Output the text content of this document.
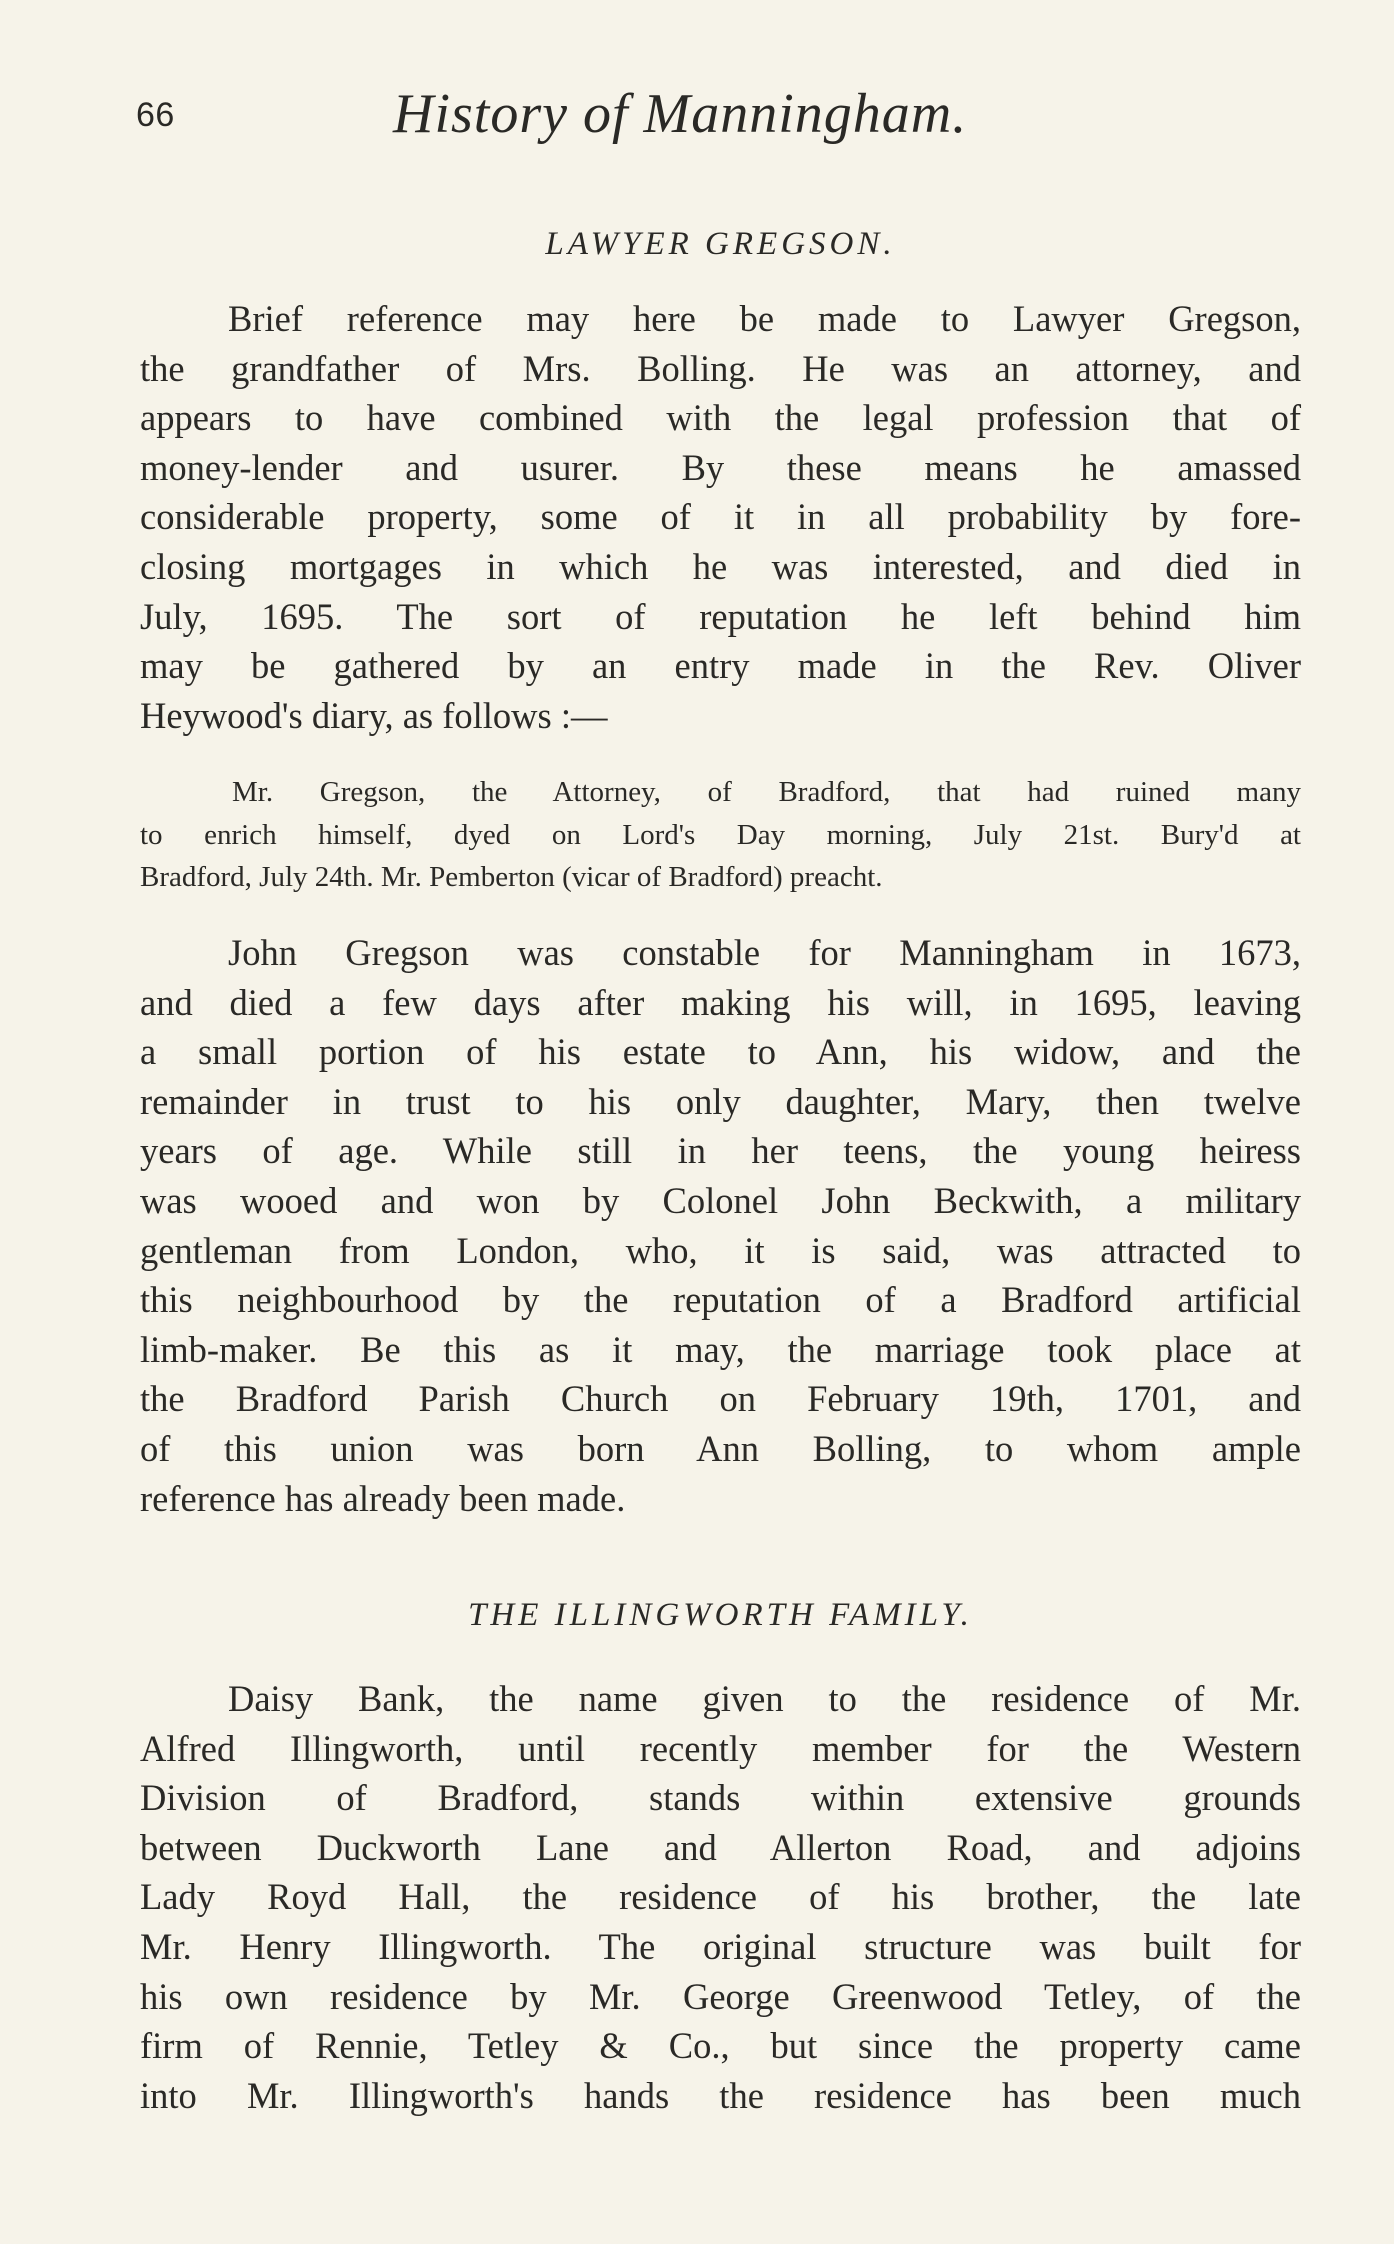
66	History of Manningham.
LAWYER GREGSON.
Brief reference may here be made to Lawyer Gregson,
the grandfather of Mrs. Bolling. He was an attorney, and
appears to have combined with the legal profession that of
money-lender and usurer. By these means he amassed
considerable property, some of it in all probability by fore-
closing mortgages in which he was interested, and died in
July, 1695. The sort of reputation he left behind him
may be gathered by an entry made in the Rev. Oliver
Heywood's diary, as follows :—
Mr. Gregson, the Attorney, of Bradford, that had ruined many
to enrich himself, dyed on Lord's Day morning, July 21st. Bury'd at
Bradford, July 24th. Mr. Pemberton (vicar of Bradford) preacht.
John Gregson was constable for Manningham in 1673,
and died a few days after making his will, in 1695, leaving
a small portion of his estate to Ann, his widow, and the
remainder in trust to his only daughter, Mary, then twelve
years of age. While still in her teens, the young heiress
was wooed and won by Colonel John Beckwith, a military
gentleman from London, who, it is said, was attracted to
this neighbourhood by the reputation of a Bradford artificial
limb-maker. Be this as it may, the marriage took place at
the Bradford Parish Church on February 19th, 1701, and
of this union was born Ann Bolling, to whom ample
reference has already been made.
THE ILLINGWORTH FAMILY.
Daisy Bank, the name given to the residence of Mr.
Alfred Illingworth, until recently member for the Western
Division of Bradford, stands within extensive grounds
between Duckworth Lane and Allerton Road, and adjoins
Lady Royd Hall, the residence of his brother, the late
Mr. Henry Illingworth. The original structure was built for
his own residence by Mr. George Greenwood Tetley, of the
firm of Rennie, Tetley & Co., but since the property came
into Mr. Illingworth's hands the residence has been much
